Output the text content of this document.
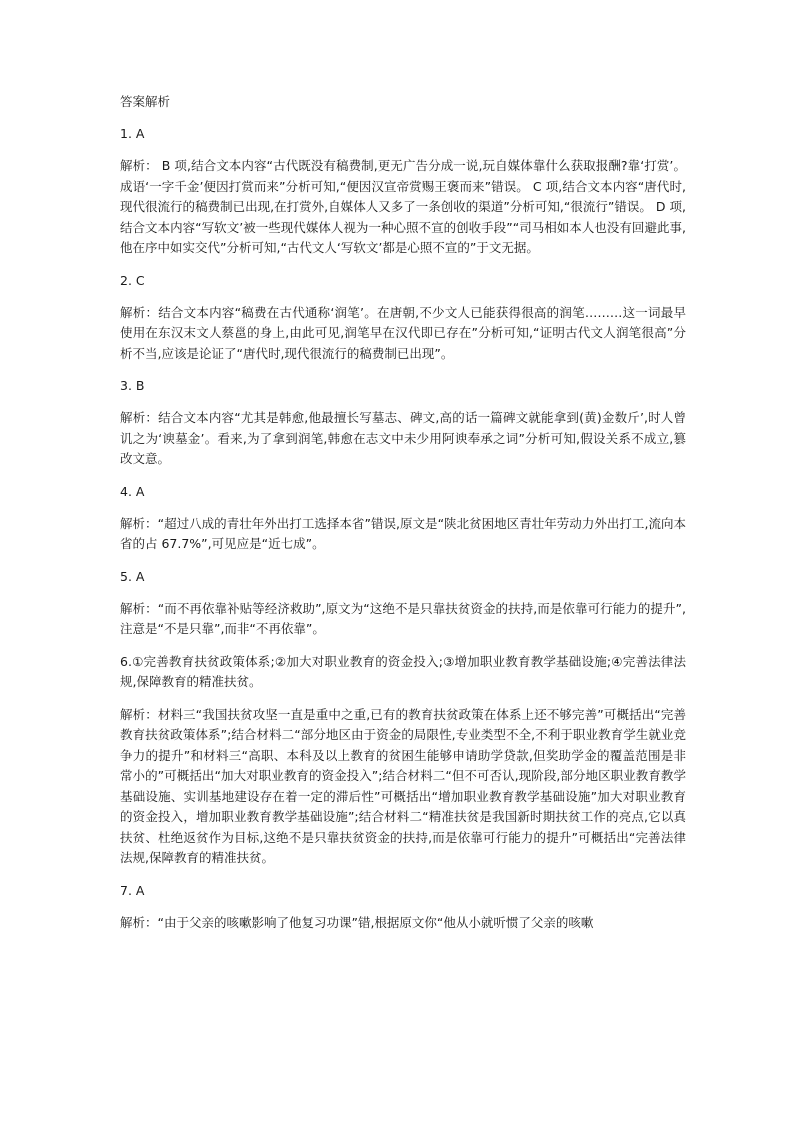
答案解析
1. A
解析： B 项,结合文本内容“古代既没有稿费制,更无广告分成一说,玩自媒体靠什么获取报酬?靠‘打赏’。成语‘一字千金’便因打赏而来”分析可知,“便因汉宣帝赏赐王褒而来”错误。 C 项,结合文本内容“唐代时,现代很流行的稿费制已出现,在打赏外,自媒体人又多了一条创收的渠道”分析可知,“很流行”错误。 D 项,结合文本内容“写软文’被一些现代媒体人视为一种心照不宣的创收手段”“司马相如本人也没有回避此事,他在序中如实交代”分析可知,“古代文人‘写软文’都是心照不宣的”于文无据。
2. C
解析：结合文本内容“稿费在古代通称‘润笔’。在唐朝,不少文人已能获得很高的润笔………这一词最早使用在东汉末文人蔡邕的身上,由此可见,润笔早在汉代即已存在”分析可知,“证明古代文人润笔很高”分析不当,应该是论证了“唐代时,现代很流行的稿费制已出现”。
3. B
解析：结合文本内容“尤其是韩愈,他最擅长写墓志、碑文,高的话一篇碑文就能拿到(黄)金数斤’,时人曾讥之为‘谀墓金’。看来,为了拿到润笔,韩愈在志文中未少用阿谀奉承之词”分析可知,假设关系不成立,篡改文意。
4. A
解析：“超过八成的青壮年外出打工选择本省”错误,原文是“陕北贫困地区青壮年劳动力外出打工,流向本省的占 67.7%”,可见应是“近七成”。
5. A
解析：“而不再依靠补贴等经济救助”,原文为“这绝不是只靠扶贫资金的扶持,而是依靠可行能力的提升”,注意是“不是只靠”,而非“不再依靠”。
6.①完善教育扶贫政策体系;②加大对职业教育的资金投入;③增加职业教育教学基础设施;④完善法律法规,保障教育的精准扶贫。
解析：材料三“我国扶贫攻坚一直是重中之重,已有的教育扶贫政策在体系上还不够完善”可概括出“完善教育扶贫政策体系”;结合材料二“部分地区由于资金的局限性,专业类型不全,不利于职业教育学生就业竞争力的提升”和材料三“高职、本科及以上教育的贫困生能够申请助学贷款,但奖助学金的覆盖范围是非常小的”可概括出“加大对职业教育的资金投入”;结合材料二“但不可否认,现阶段,部分地区职业教育教学基础设施、实训基地建设存在着一定的滞后性”可概括出“增加职业教育教学基础设施”加大对职业教育的资金投入，增加职业教育教学基础设施”;结合材料二“精准扶贫是我国新时期扶贫工作的亮点,它以真扶贫、杜绝返贫作为目标,这绝不是只靠扶贫资金的扶持,而是依靠可行能力的提升”可概括出“完善法律法规,保障教育的精准扶贫。
7. A
解析：“由于父亲的咳嗽影响了他复习功课”错,根据原文你“他从小就听惯了父亲的咳嗽
